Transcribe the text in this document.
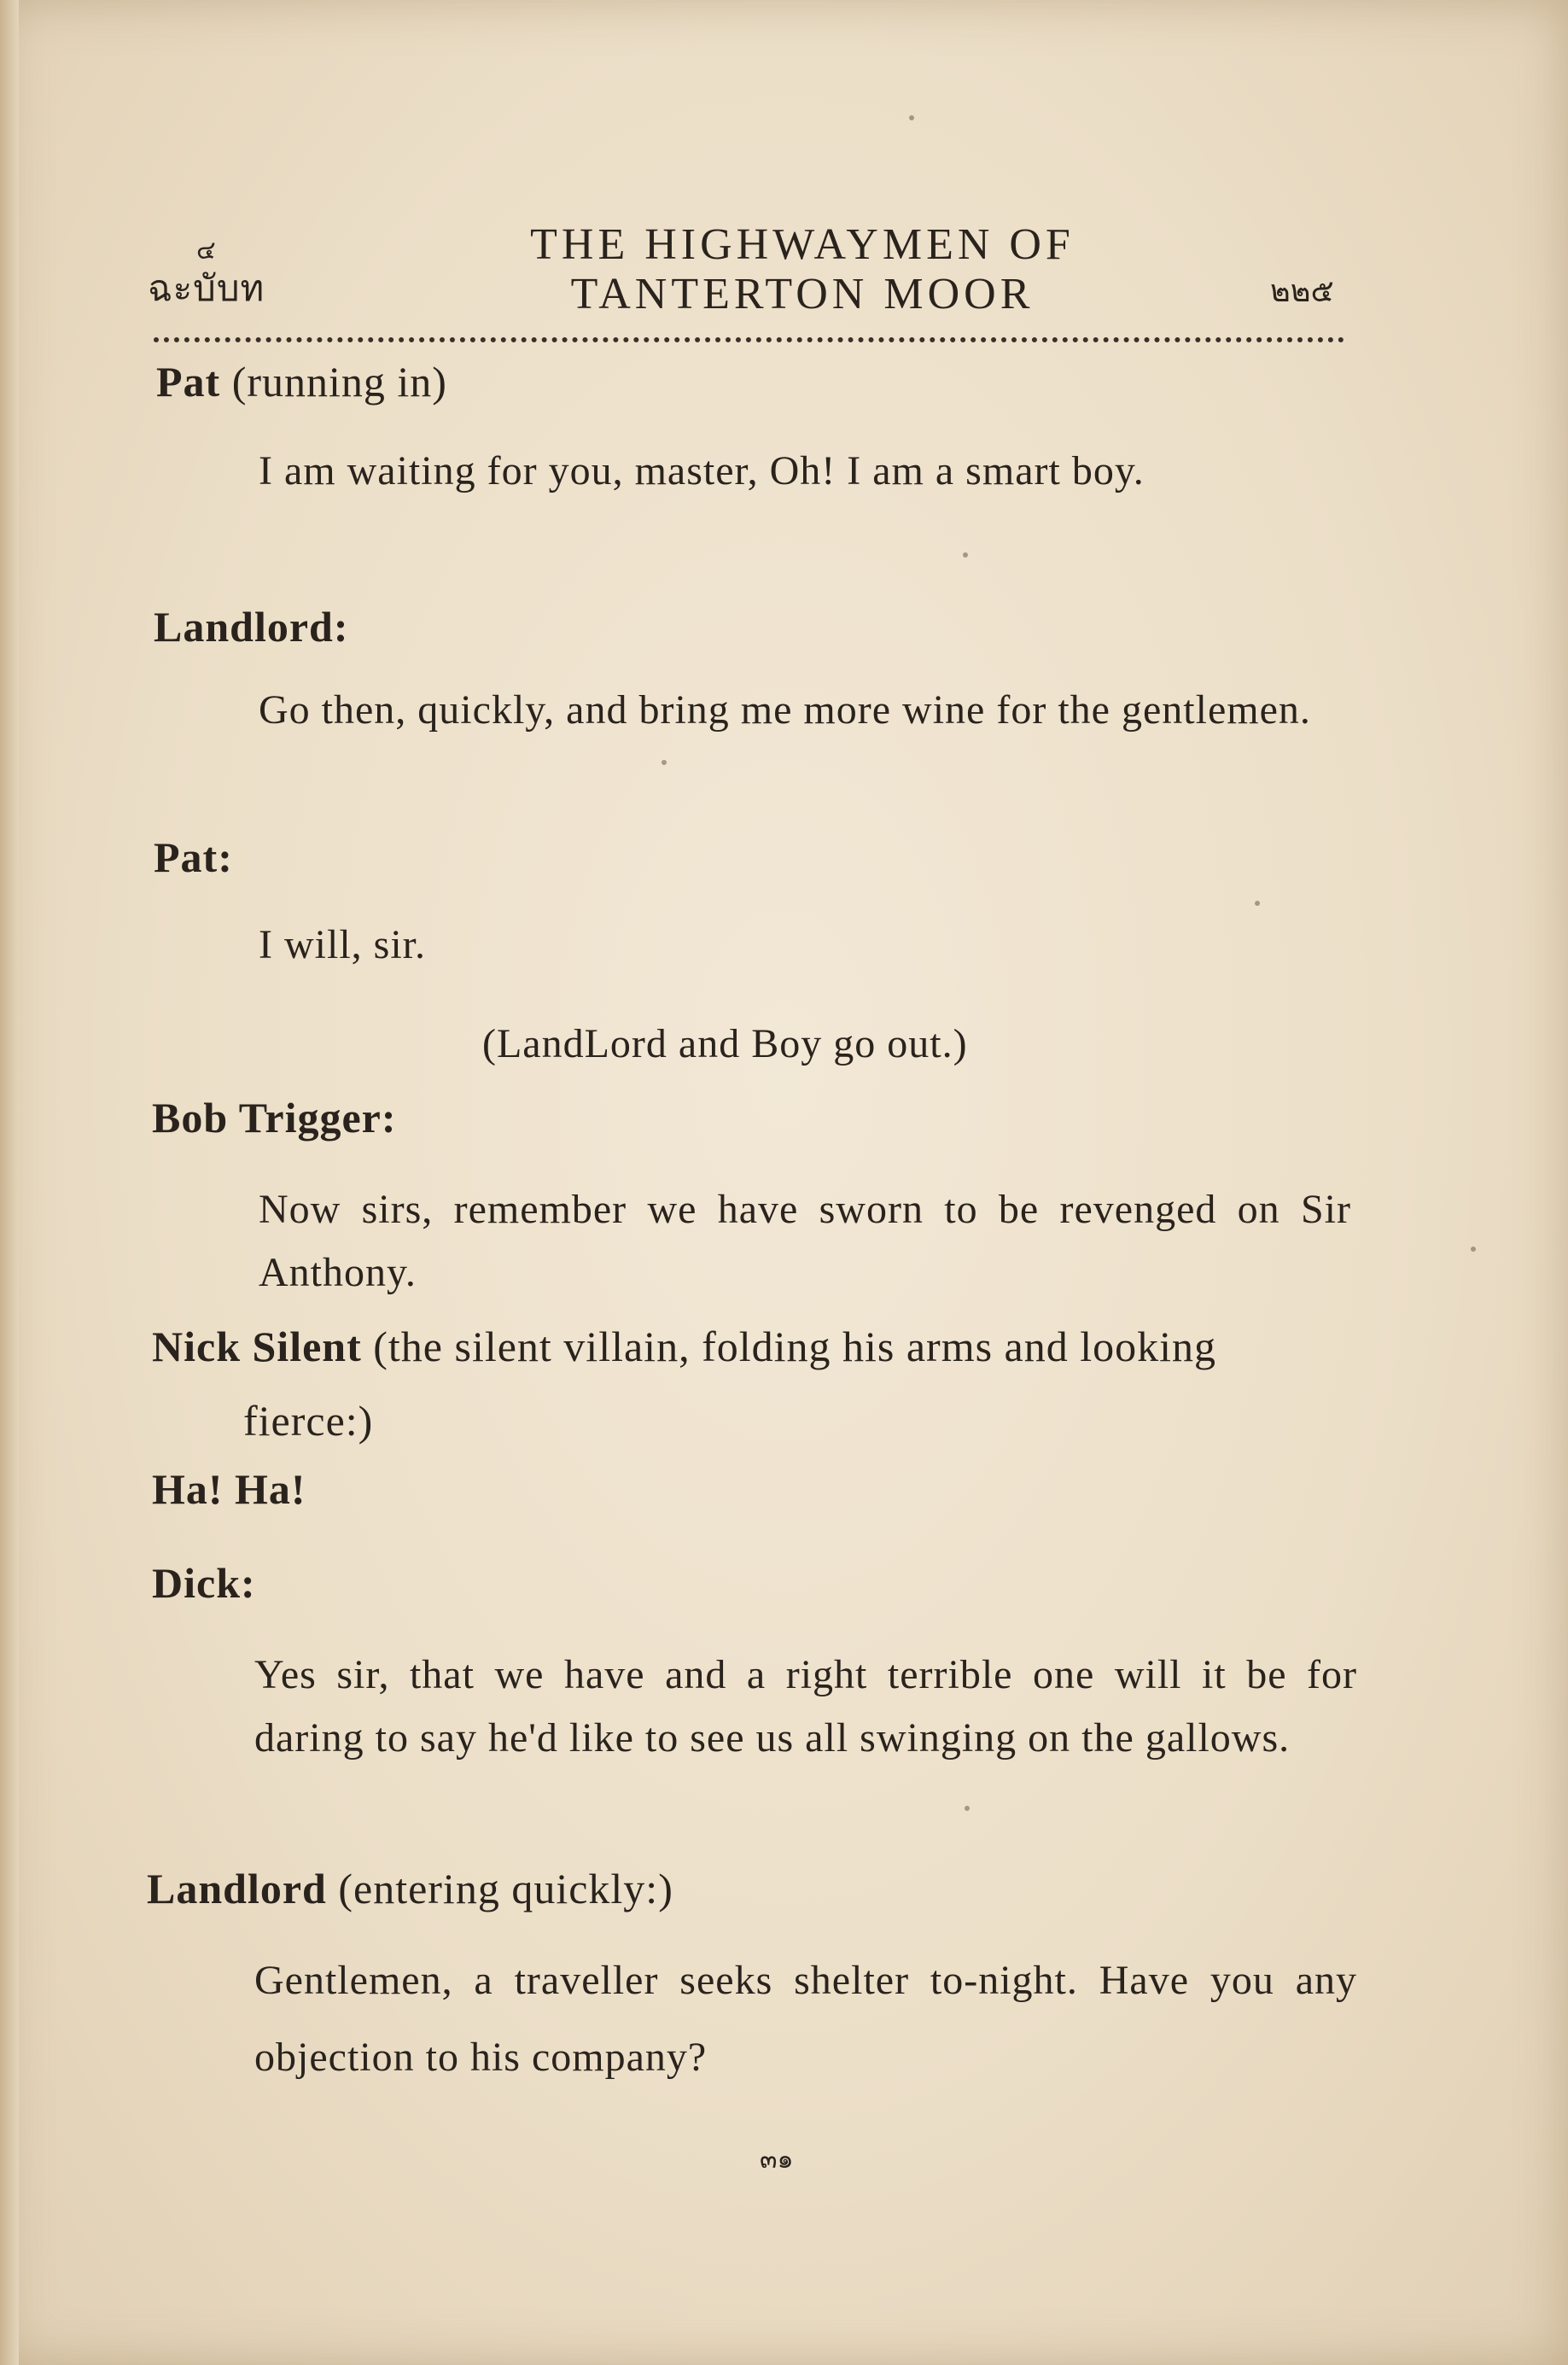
๔
ฉะบับท
THE HIGHWAYMEN OF
TANTERTON MOOR	๒๒๕
Pat (running in)
I am waiting for you, master, Oh! I am a smart boy.
Landlord:
Go then, quickly, and bring me more wine for the gentlemen.
Pat:
I will, sir.
(LandLord and Boy go out.)
Bob Trigger:
Now sirs, remember we have sworn to be revenged on Sir Anthony.
Nick Silent (the silent villain, folding his arms and looking
fierce:)
Ha! Ha!
Dick:
Yes sir, that we have and a right terrible one will it be for daring to say he'd like to see us all swinging on the gallows.
Landlord (entering quickly:)
Gentlemen, a traveller seeks shelter to-night. Have you any objection to his company?
๓๑
